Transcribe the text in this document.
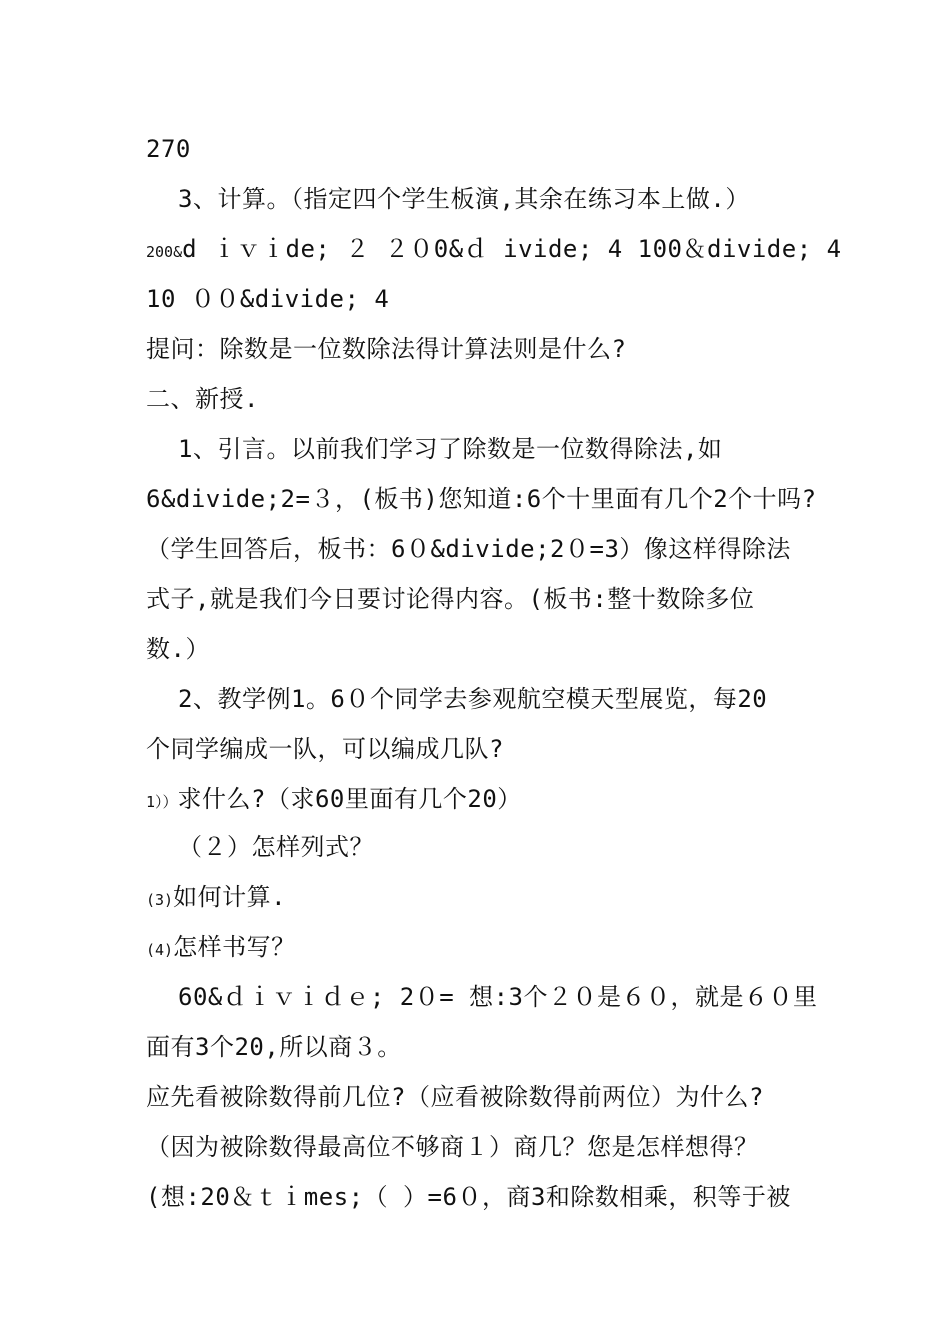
270
3、计算。（指定四个学生板演,其余在练习本上做.）
200&d ｉｖｉde; ２ ２０0&ｄ ivide; 4 100＆divide; 4
10 ００&divide; 4
提问：除数是一位数除法得计算法则是什么?
二、新授.
1、引言。以前我们学习了除数是一位数得除法,如
6&divide;2=３，(板书)您知道:6个十里面有几个2个十吗?
（学生回答后，板书：6０&divide;2０=3）像这样得除法
式子,就是我们今日要讨论得内容。(板书:整十数除多位
数.）
2、教学例1。6０个同学去参观航空模天型展览，每20
个同学编成一队，可以编成几队?
1））求什么?（求60里面有几个20）
（２）怎样列式？
(3)如何计算.
(4)怎样书写？
60&ｄｉｖｉｄｅ; 2０= 想:3个２０是６０，就是６０里
面有3个20,所以商３。
应先看被除数得前几位?（应看被除数得前两位）为什么?
（因为被除数得最高位不够商１）商几？您是怎样想得？
(想:20＆ｔｉmes;（ ）=6０，商3和除数相乘，积等于被
